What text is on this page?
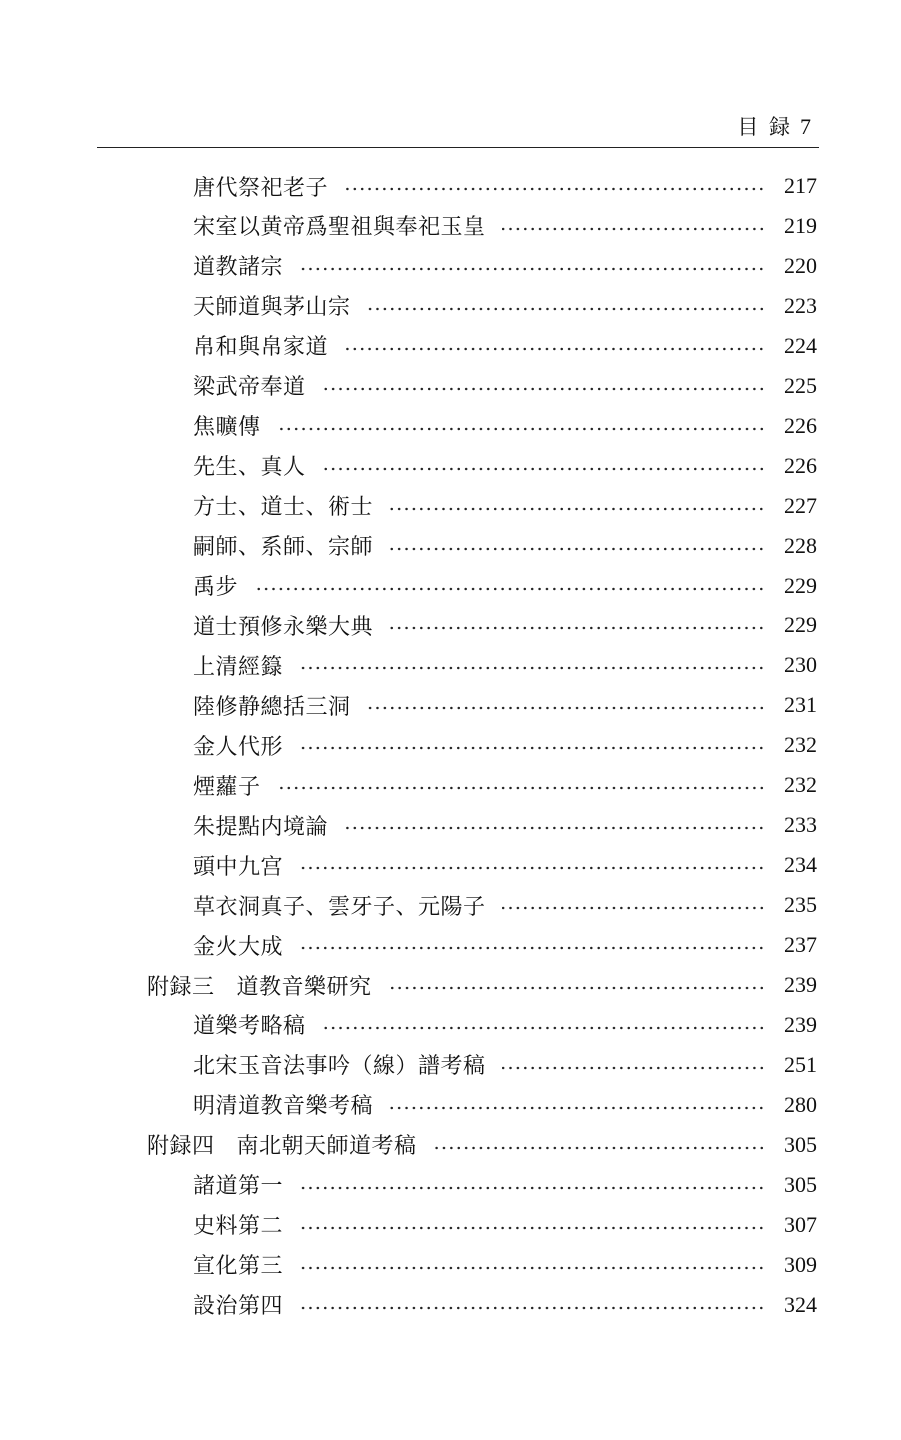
目 録 7
唐代祭祀老子	217
宋室以黄帝爲聖祖與奉祀玉皇	219
道教諸宗	220
天師道與茅山宗	223
帛和與帛家道	224
梁武帝奉道	225
焦曠傳	226
先生、真人	226
方士、道士、術士	227
嗣師、系師、宗師	228
禹步	229
道士預修永樂大典	229
上清經籙	230
陸修静總括三洞	231
金人代形	232
煙蘿子	232
朱提點内境論	233
頭中九宫	234
草衣洞真子、雲牙子、元陽子	235
金火大成	237
附録三 道教音樂研究	239
道樂考略稿	239
北宋玉音法事吟（線）譜考稿	251
明清道教音樂考稿	280
附録四 南北朝天師道考稿	305
諸道第一	305
史料第二	307
宣化第三	309
設治第四	324
